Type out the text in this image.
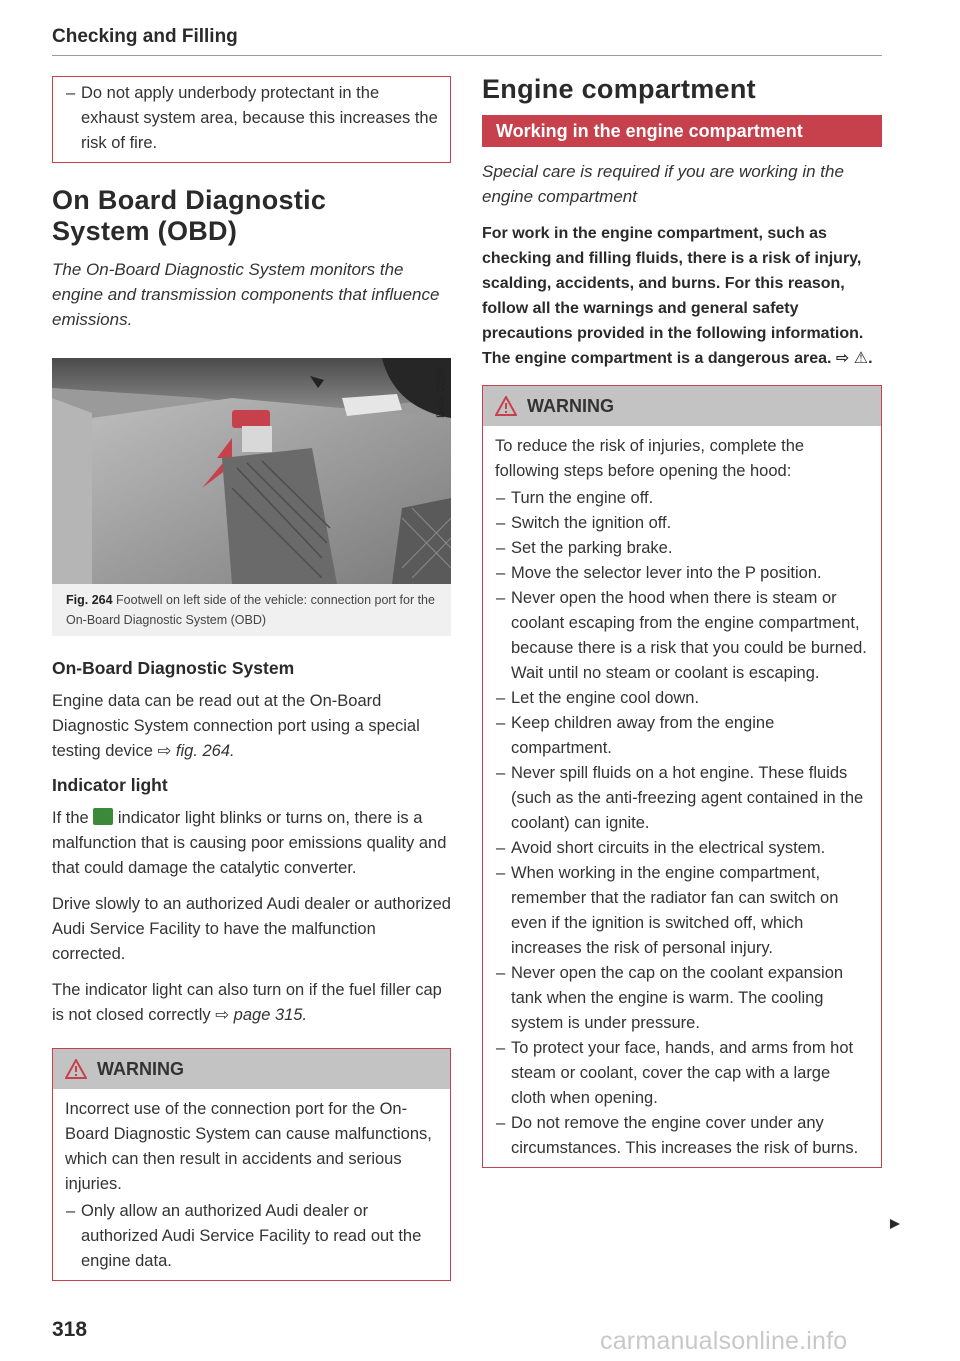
Checking and Filling
– Do not apply underbody protectant in the exhaust system area, because this increases the risk of fire.

On Board Diagnostic

System (OBD)

The On-Board Diagnostic System monitors the engine and transmission components that influence emissions.

B4G-0258
Fig. 264 Footwell on left side of the vehicle: connection port for the On-Board Diagnostic System (OBD)
On-Board Diagnostic System

Engine data can be read out at the On-Board Diagnostic System connection port using a special testing device ⇨ fig. 264.

Indicator light

If the indicator light blinks or turns on, there is a malfunction that is causing poor emissions quality and that could damage the catalytic converter.

Drive slowly to an authorized Audi dealer or authorized Audi Service Facility to have the malfunction corrected.

The indicator light can also turn on if the fuel filler cap is not closed correctly ⇨ page 315.

WARNING

Incorrect use of the connection port for the On-Board Diagnostic System can cause malfunctions, which can then result in accidents and serious injuries.

– Only allow an authorized Audi dealer or authorized Audi Service Facility to read out the engine data.
318

Engine compartment

Working in the engine compartment

Special care is required if you are working in the engine compartment

For work in the engine compartment, such as checking and filling fluids, there is a risk of injury, scalding, accidents, and burns. For this reason, follow all the warnings and general safety precautions provided in the following information. The engine compartment is a dangerous area. ⇨ ⚠.

WARNING

To reduce the risk of injuries, complete the following steps before opening the hood:

– Turn the engine off.
– Switch the ignition off.
– Set the parking brake.
– Move the selector lever into the P position.
– Never open the hood when there is steam or coolant escaping from the engine compartment, because there is a risk that you could be burned. Wait until no steam or coolant is escaping.
– Let the engine cool down.
– Keep children away from the engine compartment.
– Never spill fluids on a hot engine. These fluids (such as the anti-freezing agent contained in the coolant) can ignite.
– Avoid short circuits in the electrical system.
– When working in the engine compartment, remember that the radiator fan can switch on even if the ignition is switched off, which increases the risk of personal injury.
– Never open the cap on the coolant expansion tank when the engine is warm. The cooling system is under pressure.
– To protect your face, hands, and arms from hot steam or coolant, cover the cap with a large cloth when opening.
– Do not remove the engine cover under any circumstances. This increases the risk of burns.
carmanualsonline.info
